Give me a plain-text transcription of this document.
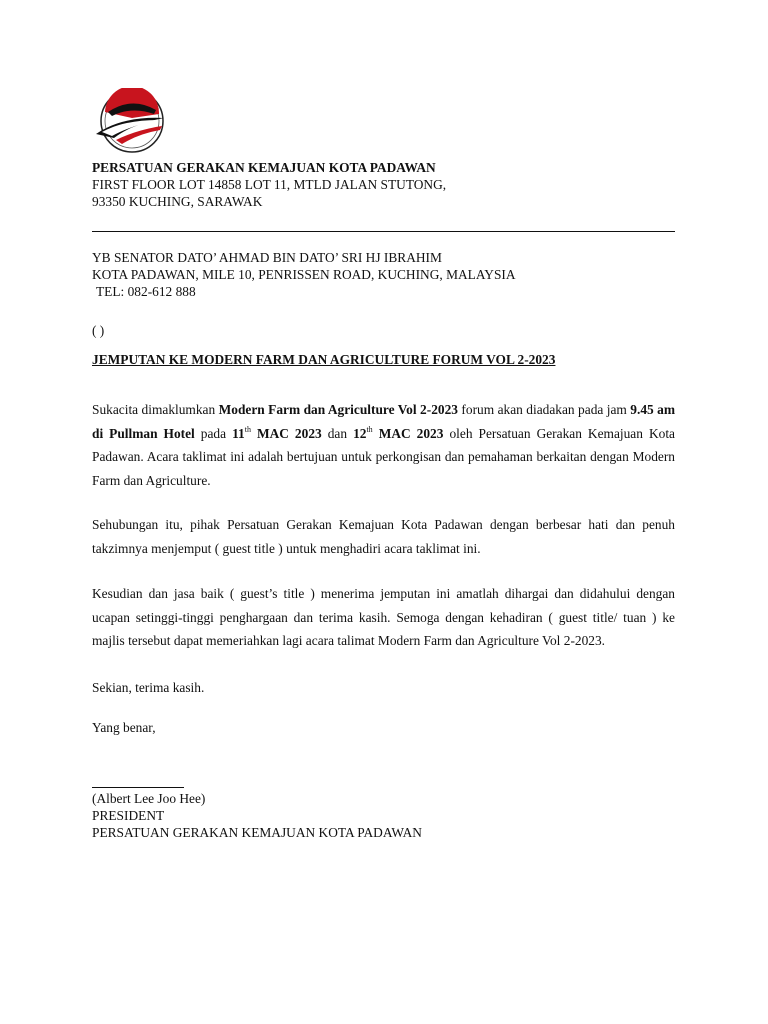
PERSATUAN GERAKAN KEMAJUAN KOTA PADAWAN
FIRST FLOOR LOT 14858 LOT 11, MTLD JALAN STUTONG,
93350 KUCHING, SARAWAK
YB SENATOR DATO’ AHMAD BIN DATO’ SRI HJ IBRAHIM
KOTA PADAWAN, MILE 10, PENRISSEN ROAD, KUCHING, MALAYSIA
TEL: 082-612 888
( )
JEMPUTAN KE MODERN FARM DAN AGRICULTURE FORUM VOL 2-2023
Sukacita dimaklumkan Modern Farm dan Agriculture Vol 2-2023 forum akan diadakan pada jam 9.45 am di Pullman Hotel pada 11th MAC 2023 dan 12th MAC 2023 oleh Persatuan Gerakan Kemajuan Kota Padawan. Acara taklimat ini adalah bertujuan untuk perkongisan dan pemahaman berkaitan dengan Modern Farm dan Agriculture.
Sehubungan itu, pihak Persatuan Gerakan Kemajuan Kota Padawan dengan berbesar hati dan penuh takzimnya menjemput ( guest title ) untuk menghadiri acara taklimat ini.
Kesudian dan jasa baik ( guest’s title ) menerima jemputan ini amatlah dihargai dan didahului dengan ucapan setinggi-tinggi penghargaan dan terima kasih. Semoga dengan kehadiran ( guest title/ tuan ) ke majlis tersebut dapat memeriahkan lagi acara talimat Modern Farm dan Agriculture Vol 2-2023.
Sekian, terima kasih.
Yang benar,
(Albert Lee Joo Hee)
PRESIDENT
PERSATUAN GERAKAN KEMAJUAN KOTA PADAWAN
